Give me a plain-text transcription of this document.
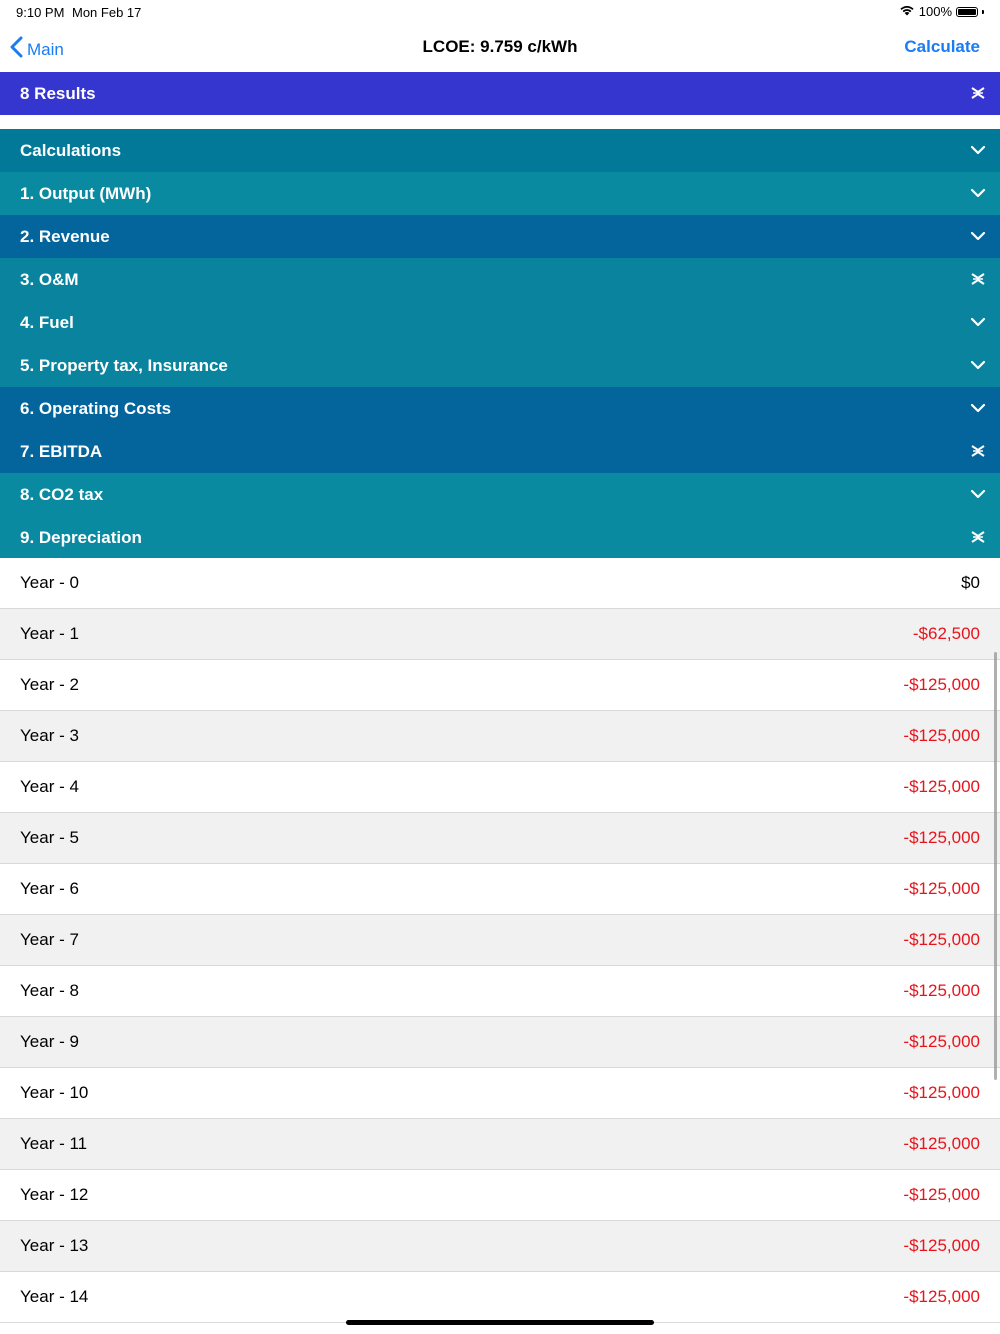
9:10 PM Mon Feb 17	100%
Main	LCOE: 9.759 c/kWh	Calculate
8 Results
Calculations
1. Output (MWh)
2. Revenue
3. O&M
4. Fuel
5. Property tax, Insurance
6. Operating Costs
7. EBITDA
8. CO2 tax
9. Depreciation
Year - 0	$0
Year - 1	-$62,500
Year - 2	-$125,000
Year - 3	-$125,000
Year - 4	-$125,000
Year - 5	-$125,000
Year - 6	-$125,000
Year - 7	-$125,000
Year - 8	-$125,000
Year - 9	-$125,000
Year - 10	-$125,000
Year - 11	-$125,000
Year - 12	-$125,000
Year - 13	-$125,000
Year - 14	-$125,000
